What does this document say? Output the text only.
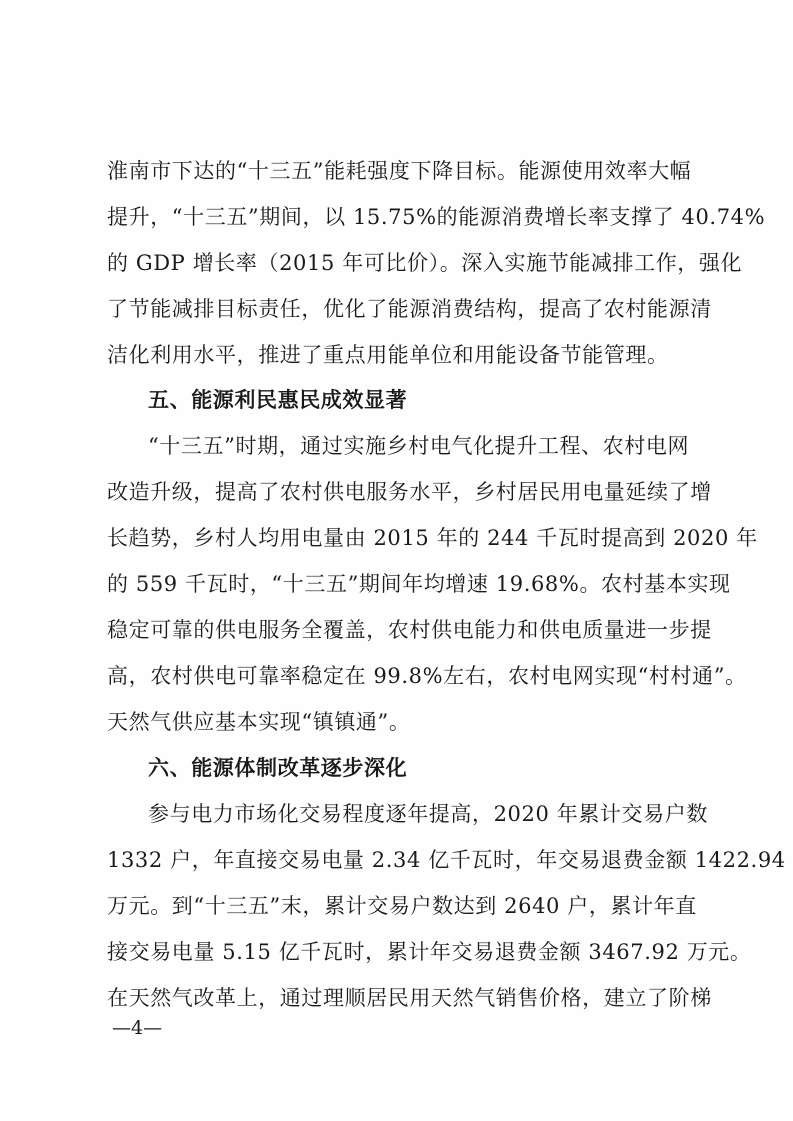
淮南市下达的“十三五”能耗强度下降目标。能源使用效率大幅
提升，“十三五”期间，以 15.75%的能源消费增长率支撑了 40.74%
的 GDP 增长率（2015 年可比价）。深入实施节能减排工作，强化
了节能减排目标责任，优化了能源消费结构，提高了农村能源清
洁化利用水平，推进了重点用能单位和用能设备节能管理。
五、能源利民惠民成效显著
“十三五”时期，通过实施乡村电气化提升工程、农村电网
改造升级，提高了农村供电服务水平，乡村居民用电量延续了增
长趋势，乡村人均用电量由 2015 年的 244 千瓦时提高到 2020 年
的 559 千瓦时，“十三五”期间年均增速 19.68%。农村基本实现
稳定可靠的供电服务全覆盖，农村供电能力和供电质量进一步提
高，农村供电可靠率稳定在 99.8%左右，农村电网实现“村村通”。
天然气供应基本实现“镇镇通”。
六、能源体制改革逐步深化
参与电力市场化交易程度逐年提高，2020 年累计交易户数
1332 户，年直接交易电量 2.34 亿千瓦时，年交易退费金额 1422.94
万元。到“十三五”末，累计交易户数达到 2640 户，累计年直
接交易电量 5.15 亿千瓦时，累计年交易退费金额 3467.92 万元。
在天然气改革上，通过理顺居民用天然气销售价格，建立了阶梯
—4—
